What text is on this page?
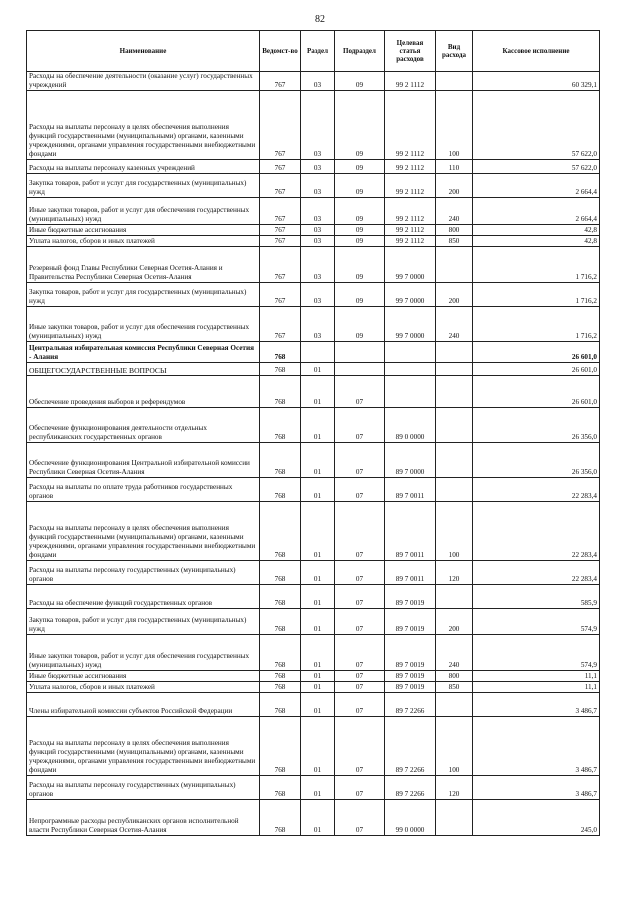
82
Наименование	Ведомст-во	Раздел	Подраздел	Целевая статья расходов	Вид расхода	Кассовое исполнение
Расходы на обеспечение деятельности (оказание услуг) государственных учреждений	767	03	09	99 2 1112		60 329,1
Расходы на выплаты персоналу в целях обеспечения выполнения функций государственными (муниципальными) органами, казенными учреждениями, органами управления государственными внебюджетными фондами	767	03	09	99 2 1112	100	57 622,0
Расходы на выплаты персоналу казенных учреждений	767	03	09	99 2 1112	110	57 622,0
Закупка товаров, работ и услуг для государственных (муниципальных) нужд	767	03	09	99 2 1112	200	2 664,4
Иные закупки товаров, работ и услуг для обеспечения государственных (муниципальных) нужд	767	03	09	99 2 1112	240	2 664,4
Иные бюджетные ассигнования	767	03	09	99 2 1112	800	42,8
Уплата налогов, сборов и иных платежей	767	03	09	99 2 1112	850	42,8
Резервный фонд Главы Республики Северная Осетия-Алания и Правительства Республики Северная Осетия-Алания	767	03	09	99 7 0000		1 716,2
Закупка товаров, работ и услуг для государственных (муниципальных) нужд	767	03	09	99 7 0000	200	1 716,2
Иные закупки товаров, работ и услуг для обеспечения государственных (муниципальных) нужд	767	03	09	99 7 0000	240	1 716,2
Центральная избирательная комиссия Республики Северная Осетия - Алания	768					26 601,0
ОБЩЕГОСУДАРСТВЕННЫЕ ВОПРОСЫ	768	01				26 601,0
Обеспечение проведения выборов и референдумов	768	01	07			26 601,0
Обеспечение функционирования деятельности отдельных республиканских государственных органов	768	01	07	89 0 0000		26 356,0
Обеспечение функционирования Центральной избирательной комиссии Республики Северная Осетия-Алания	768	01	07	89 7 0000		26 356,0
Расходы на выплаты по оплате труда работников государственных органов	768	01	07	89 7 0011		22 283,4
Расходы на выплаты персоналу в целях обеспечения выполнения функций государственными (муниципальными) органами, казенными учреждениями, органами управления государственными внебюджетными фондами	768	01	07	89 7 0011	100	22 283,4
Расходы на выплаты персоналу государственных (муниципальных) органов	768	01	07	89 7 0011	120	22 283,4
Расходы на обеспечение функций государственных органов	768	01	07	89 7 0019		585,9
Закупка товаров, работ и услуг для государственных (муниципальных) нужд	768	01	07	89 7 0019	200	574,9
Иные закупки товаров, работ и услуг для обеспечения государственных (муниципальных) нужд	768	01	07	89 7 0019	240	574,9
Иные бюджетные ассигнования	768	01	07	89 7 0019	800	11,1
Уплата налогов, сборов и иных платежей	768	01	07	89 7 0019	850	11,1
Члены избирательной комиссии субъектов Российской Федерации	768	01	07	89 7 2266		3 486,7
Расходы на выплаты персоналу в целях обеспечения выполнения функций государственными (муниципальными) органами, казенными учреждениями, органами управления государственными внебюджетными фондами	768	01	07	89 7 2266	100	3 486,7
Расходы на выплаты персоналу государственных (муниципальных) органов	768	01	07	89 7 2266	120	3 486,7
Непрограммные расходы республиканских органов исполнительной власти Республики Северная Осетия-Алания	768	01	07	99 0 0000		245,0
